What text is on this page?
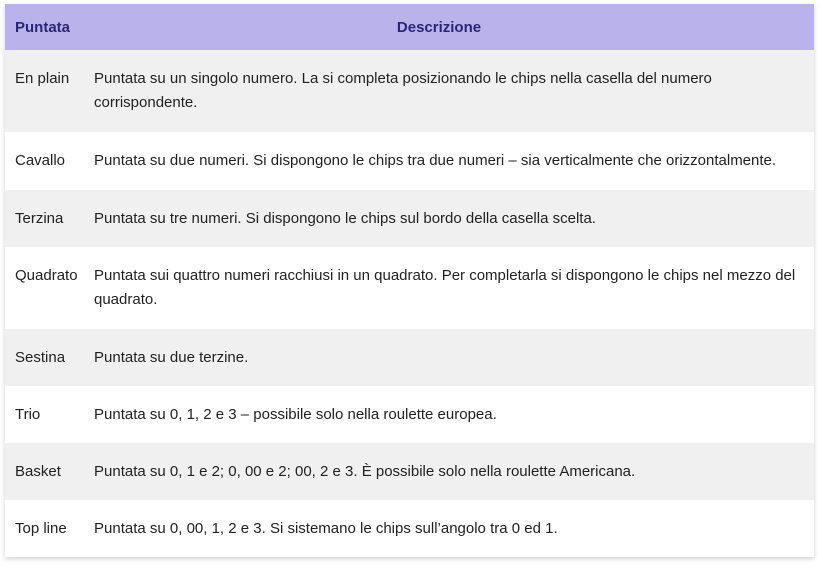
Puntata	Descrizione
En plain	Puntata su un singolo numero. La si completa posizionando le chips nella casella del numero corrispondente.
Cavallo	Puntata su due numeri. Si dispongono le chips tra due numeri – sia verticalmente che orizzontalmente.
Terzina	Puntata su tre numeri. Si dispongono le chips sul bordo della casella scelta.
Quadrato	Puntata sui quattro numeri racchiusi in un quadrato. Per completarla si dispongono le chips nel mezzo del quadrato.
Sestina	Puntata su due terzine.
Trio	Puntata su 0, 1, 2 e 3 – possibile solo nella roulette europea.
Basket	Puntata su 0, 1 e 2; 0, 00 e 2; 00, 2 e 3. È possibile solo nella roulette Americana.
Top line	Puntata su 0, 00, 1, 2 e 3. Si sistemano le chips sull’angolo tra 0 ed 1.
